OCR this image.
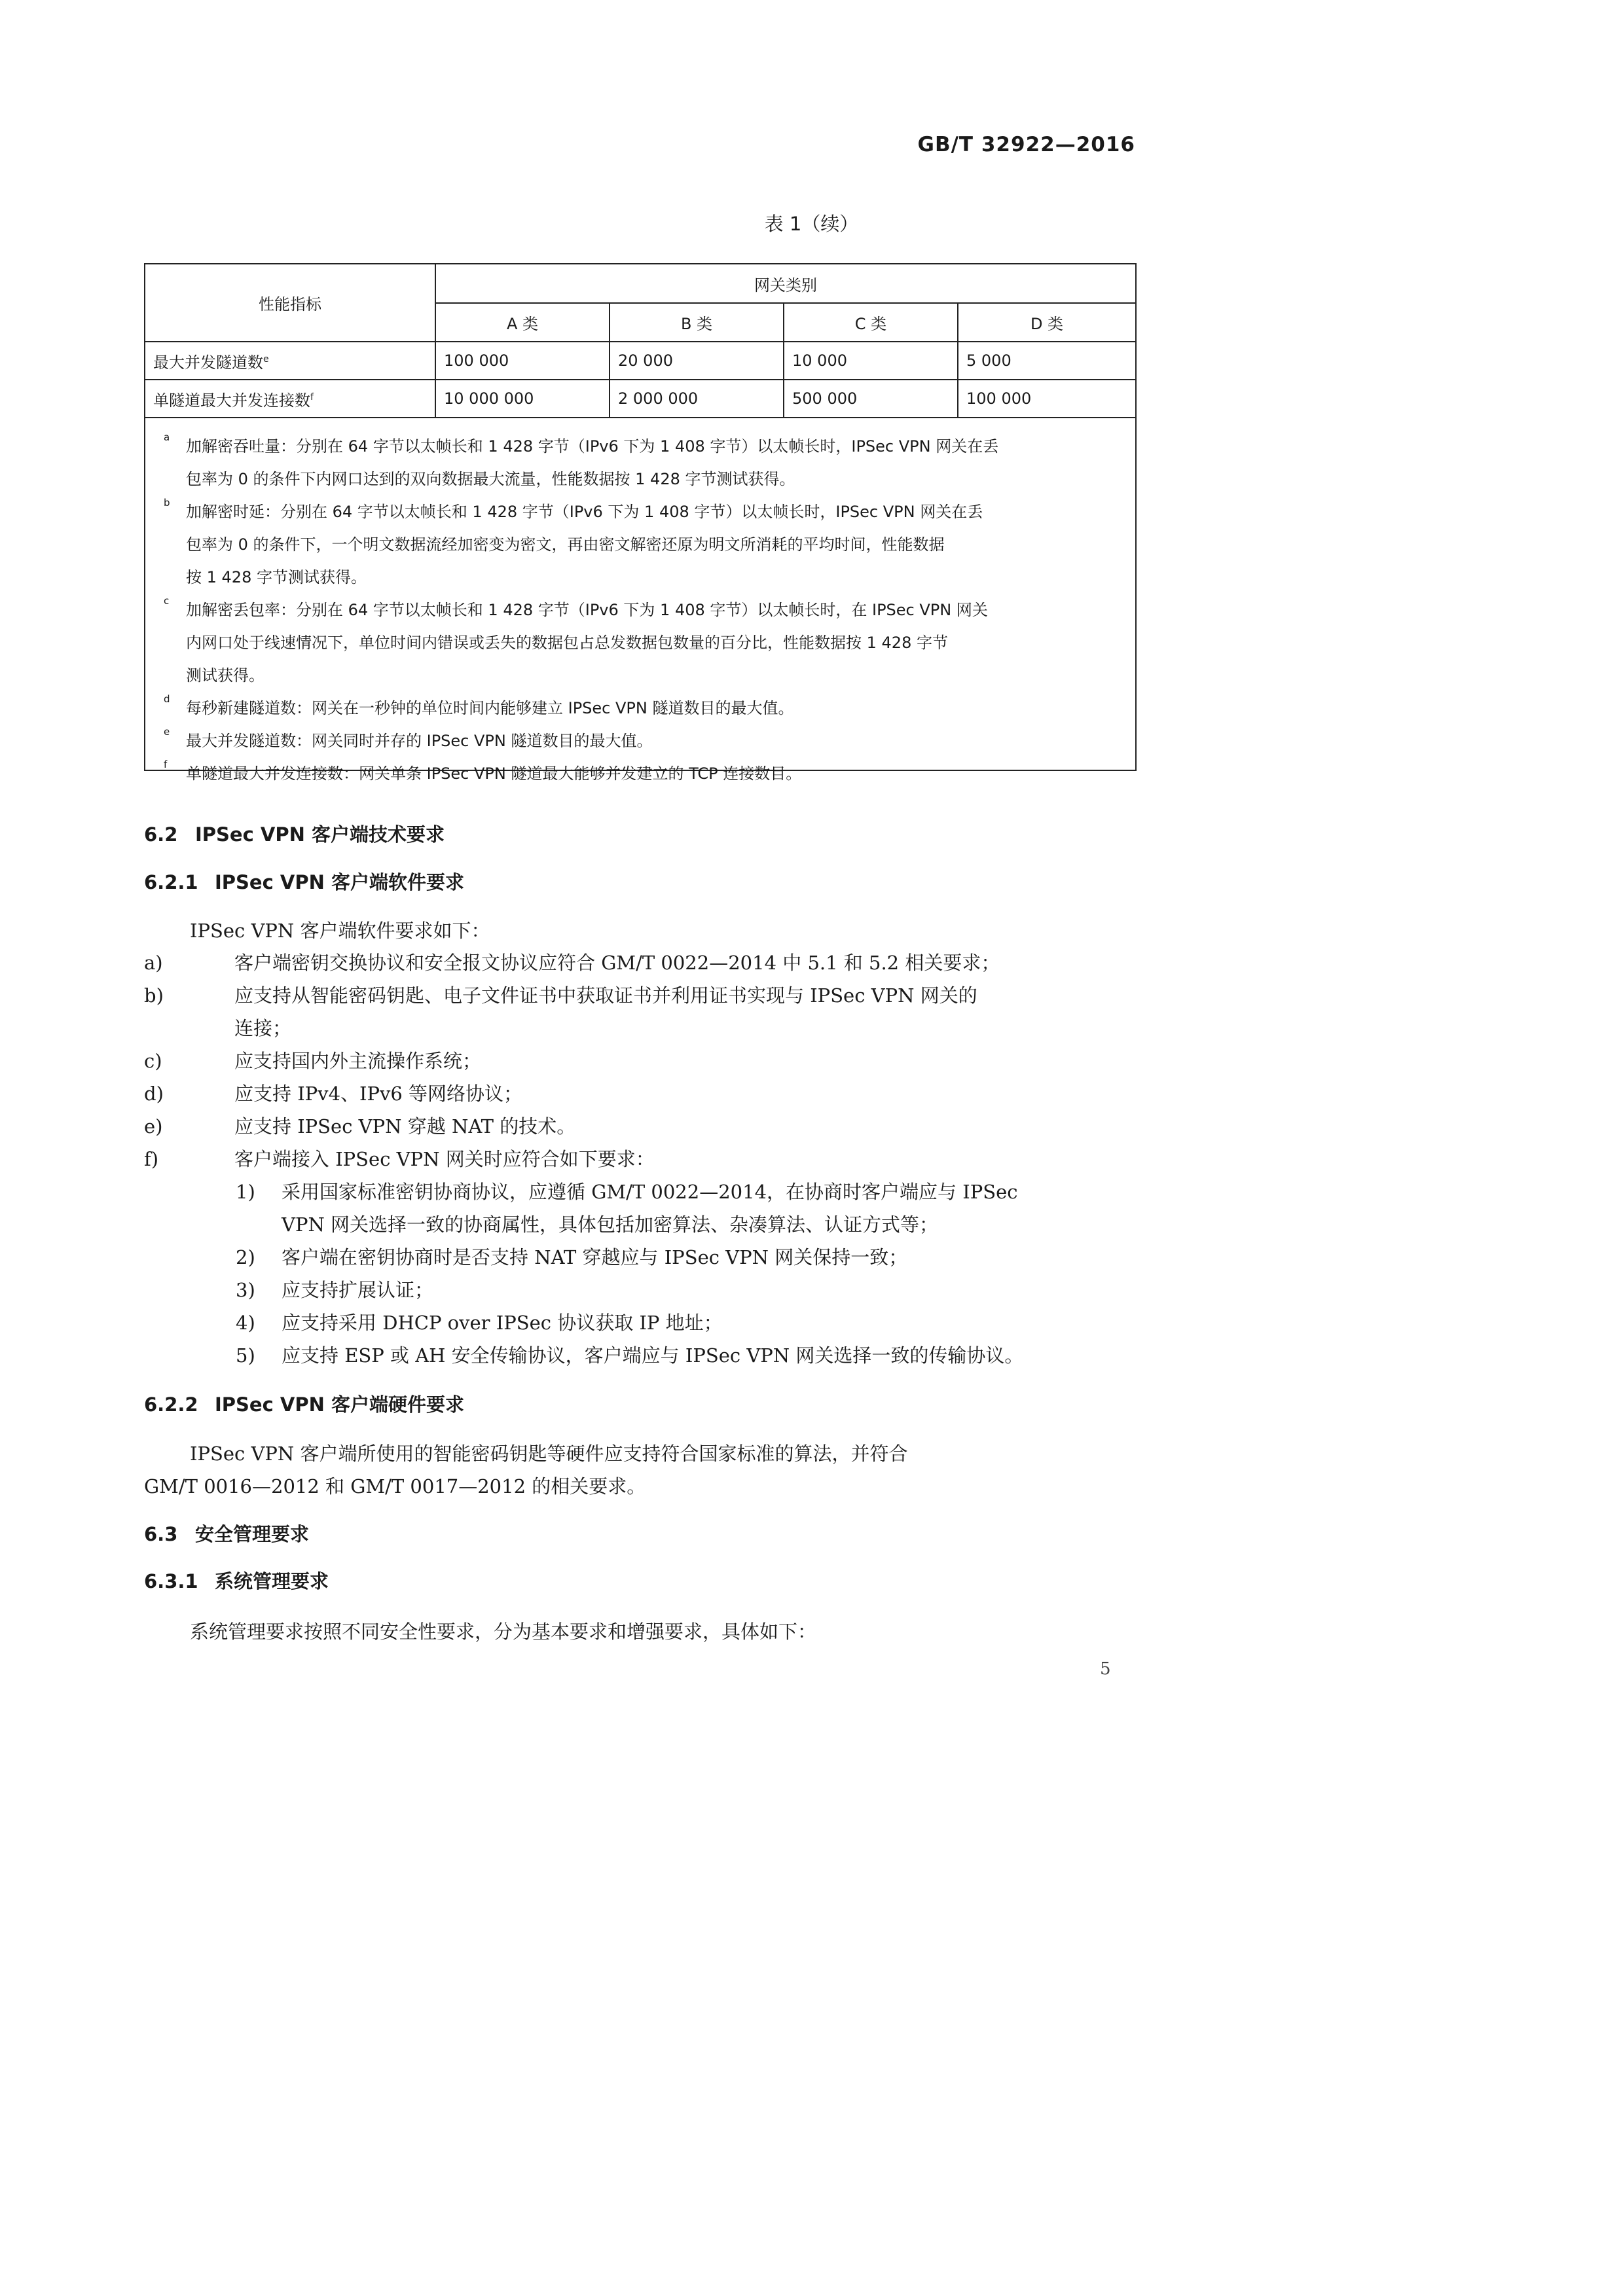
GB/T 32922—2016
表 1（续）
性能指标	网关类别			
	A 类	B 类	C 类	D 类
最大并发隧道数$^e$	100 000	20 000	10 000	5 000
单隧道最大并发连接数$^f$	10 000 000	2 000 000	500 000	100 000
a 加解密吞吐量：分别在 64 字节以太帧长和 1 428 字节（IPv6 下为 1 408 字节）以太帧长时，IPSec VPN 网关在丢
包率为 0 的条件下内网口达到的双向数据最大流量，性能数据按 1 428 字节测试获得。
b 加解密时延：分别在 64 字节以太帧长和 1 428 字节（IPv6 下为 1 408 字节）以太帧长时，IPSec VPN 网关在丢
包率为 0 的条件下，一个明文数据流经加密变为密文，再由密文解密还原为明文所消耗的平均时间，性能数据
按 1 428 字节测试获得。
c 加解密丢包率：分别在 64 字节以太帧长和 1 428 字节（IPv6 下为 1 408 字节）以太帧长时，在 IPSec VPN 网关
内网口处于线速情况下，单位时间内错误或丢失的数据包占总发数据包数量的百分比，性能数据按 1 428 字节
测试获得。
d 每秒新建隧道数：网关在一秒钟的单位时间内能够建立 IPSec VPN 隧道数目的最大值。
e 最大并发隧道数：网关同时并存的 IPSec VPN 隧道数目的最大值。
f 单隧道最大并发连接数：网关单条 IPSec VPN 隧道最大能够并发建立的 TCP 连接数目。
6.2 IPSec VPN 客户端技术要求
6.2.1 IPSec VPN 客户端软件要求
IPSec VPN 客户端软件要求如下：
a)	客户端密钥交换协议和安全报文协议应符合 GM/T 0022—2014 中 5.1 和 5.2 相关要求；
b)	应支持从智能密码钥匙、电子文件证书中获取证书并利用证书实现与 IPSec VPN 网关的
连接；
c)	应支持国内外主流操作系统；
d)	应支持 IPv4、IPv6 等网络协议；
e)	应支持 IPSec VPN 穿越 NAT 的技术。
f)	客户端接入 IPSec VPN 网关时应符合如下要求：
1) 采用国家标准密钥协商协议，应遵循 GM/T 0022—2014，在协商时客户端应与 IPSec
VPN 网关选择一致的协商属性，具体包括加密算法、杂凑算法、认证方式等；
2) 客户端在密钥协商时是否支持 NAT 穿越应与 IPSec VPN 网关保持一致；
3) 应支持扩展认证；
4) 应支持采用 DHCP over IPSec 协议获取 IP 地址；
5) 应支持 ESP 或 AH 安全传输协议，客户端应与 IPSec VPN 网关选择一致的传输协议。
6.2.2 IPSec VPN 客户端硬件要求
IPSec VPN 客户端所使用的智能密码钥匙等硬件应支持符合国家标准的算法，并符合
GM/T 0016—2012 和 GM/T 0017—2012 的相关要求。
6.3 安全管理要求
6.3.1 系统管理要求
系统管理要求按照不同安全性要求，分为基本要求和增强要求，具体如下：
5
